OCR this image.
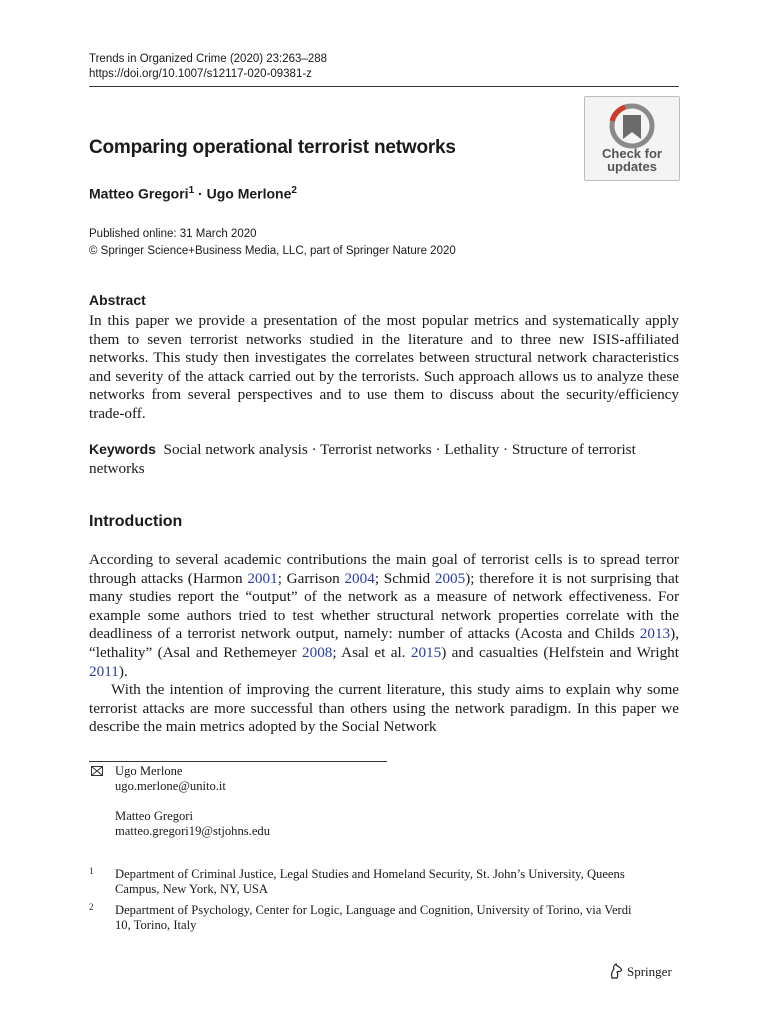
Trends in Organized Crime (2020) 23:263–288
https://doi.org/10.1007/s12117-020-09381-z
Check for
updates
Comparing operational terrorist networks
Matteo Gregori$^1$ · Ugo Merlone$^2$
Published online: 31 March 2020
© Springer Science+Business Media, LLC, part of Springer Nature 2020
Abstract
In this paper we provide a presentation of the most popular metrics and systematically apply them to seven terrorist networks studied in the literature and to three new ISIS-affiliated networks. This study then investigates the correlates between structural network characteristics and severity of the attack carried out by the terrorists. Such approach allows us to analyze these networks from several perspectives and to use them to discuss about the security/efficiency trade-off.
Keywords Social network analysis · Terrorist networks · Lethality · Structure of terrorist networks
Introduction
According to several academic contributions the main goal of terrorist cells is to spread terror through attacks (Harmon 2001; Garrison 2004; Schmid 2005); therefore it is not surprising that many studies report the “output” of the network as a measure of network effectiveness. For example some authors tried to test whether structural network properties correlate with the deadliness of a terrorist network output, namely: number of attacks (Acosta and Childs 2013), “lethality” (Asal and Rethemeyer 2008; Asal et al. 2015) and casualties (Helfstein and Wright 2011).
With the intention of improving the current literature, this study aims to explain why some terrorist attacks are more successful than others using the network paradigm. In this paper we describe the main metrics adopted by the Social Network
Ugo Merlone
ugo.merlone@unito.it
Matteo Gregori
matteo.gregori19@stjohns.edu
1 Department of Criminal Justice, Legal Studies and Homeland Security, St. John’s University, Queens Campus, New York, NY, USA
2 Department of Psychology, Center for Logic, Language and Cognition, University of Torino, via Verdi 10, Torino, Italy
Springer
